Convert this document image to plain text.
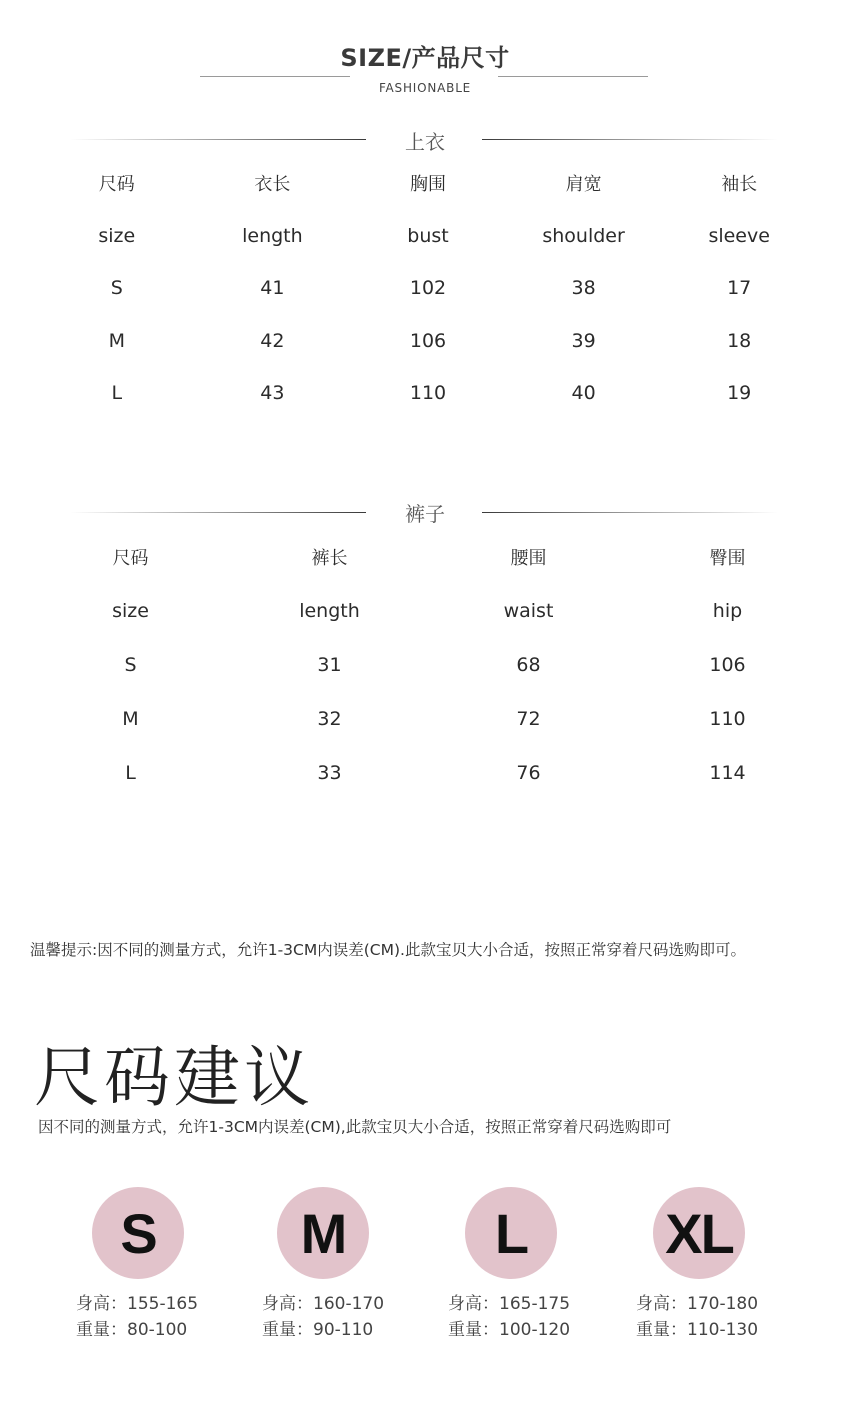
SIZE/产品尺寸
FASHIONABLE
上衣
尺码	衣长	胸围	肩宽	袖长
size	length	bust	shoulder	sleeve
S	41	102	38	17
M	42	106	39	18
L	43	110	40	19
裤子
尺码	裤长	腰围	臀围
size	length	waist	hip
S	31	68	106
M	32	72	110
L	33	76	114
温馨提示:因不同的测量方式，允许1-3CM内误差(CM).此款宝贝大小合适，按照正常穿着尺码选购即可。
尺码建议
因不同的测量方式，允许1-3CM内误差(CM),此款宝贝大小合适，按照正常穿着尺码选购即可
S
身高：155-165
重量：80-100
M
身高：160-170
重量：90-110
L
身高：165-175
重量：100-120
XL
身高：170-180
重量：110-130
